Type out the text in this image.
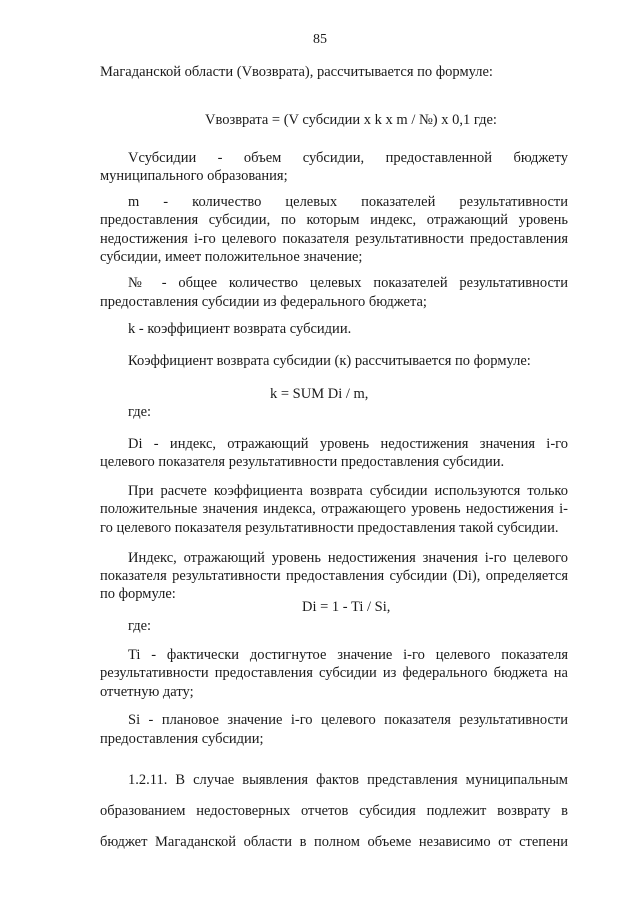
85
Магаданской области (Vвозврата), рассчитывается по формуле:
Vвозврата = (V субсидии х k х m / №) х 0,1 где:
Vсубсидии - объем субсидии, предоставленной бюджету
муниципального образования;
m - количество целевых показателей результативности
предоставления субсидии, по которым индекс, отражающий уровень
недостижения i-го целевого показателя результативности предоставления
субсидии, имеет положительное значение;
№ - общее количество целевых показателей результативности
предоставления субсидии из федерального бюджета;
k - коэффициент возврата субсидии.
Коэффициент возврата субсидии (к) рассчитывается по формуле:
k = SUM Di / m,
где:
Di - индекс, отражающий уровень недостижения значения i-го
целевого показателя результативности предоставления субсидии.
При расчете коэффициента возврата субсидии используются только
положительные значения индекса, отражающего уровень недостижения i-
го целевого показателя результативности предоставления такой субсидии.
Индекс, отражающий уровень недостижения значения i-го целевого
показателя результативности предоставления субсидии (Di), определяется
по формуле:
Di = 1 - Ti / Si,
где:
Ti - фактически достигнутое значение i-го целевого показателя
результативности предоставления субсидии из федерального бюджета на
отчетную дату;
Si - плановое значение i-го целевого показателя результативности
предоставления субсидии;
1.2.11. В случае выявления фактов представления муниципальным
образованием недостоверных отчетов субсидия подлежит возврату в
бюджет Магаданской области в полном объеме независимо от степени
